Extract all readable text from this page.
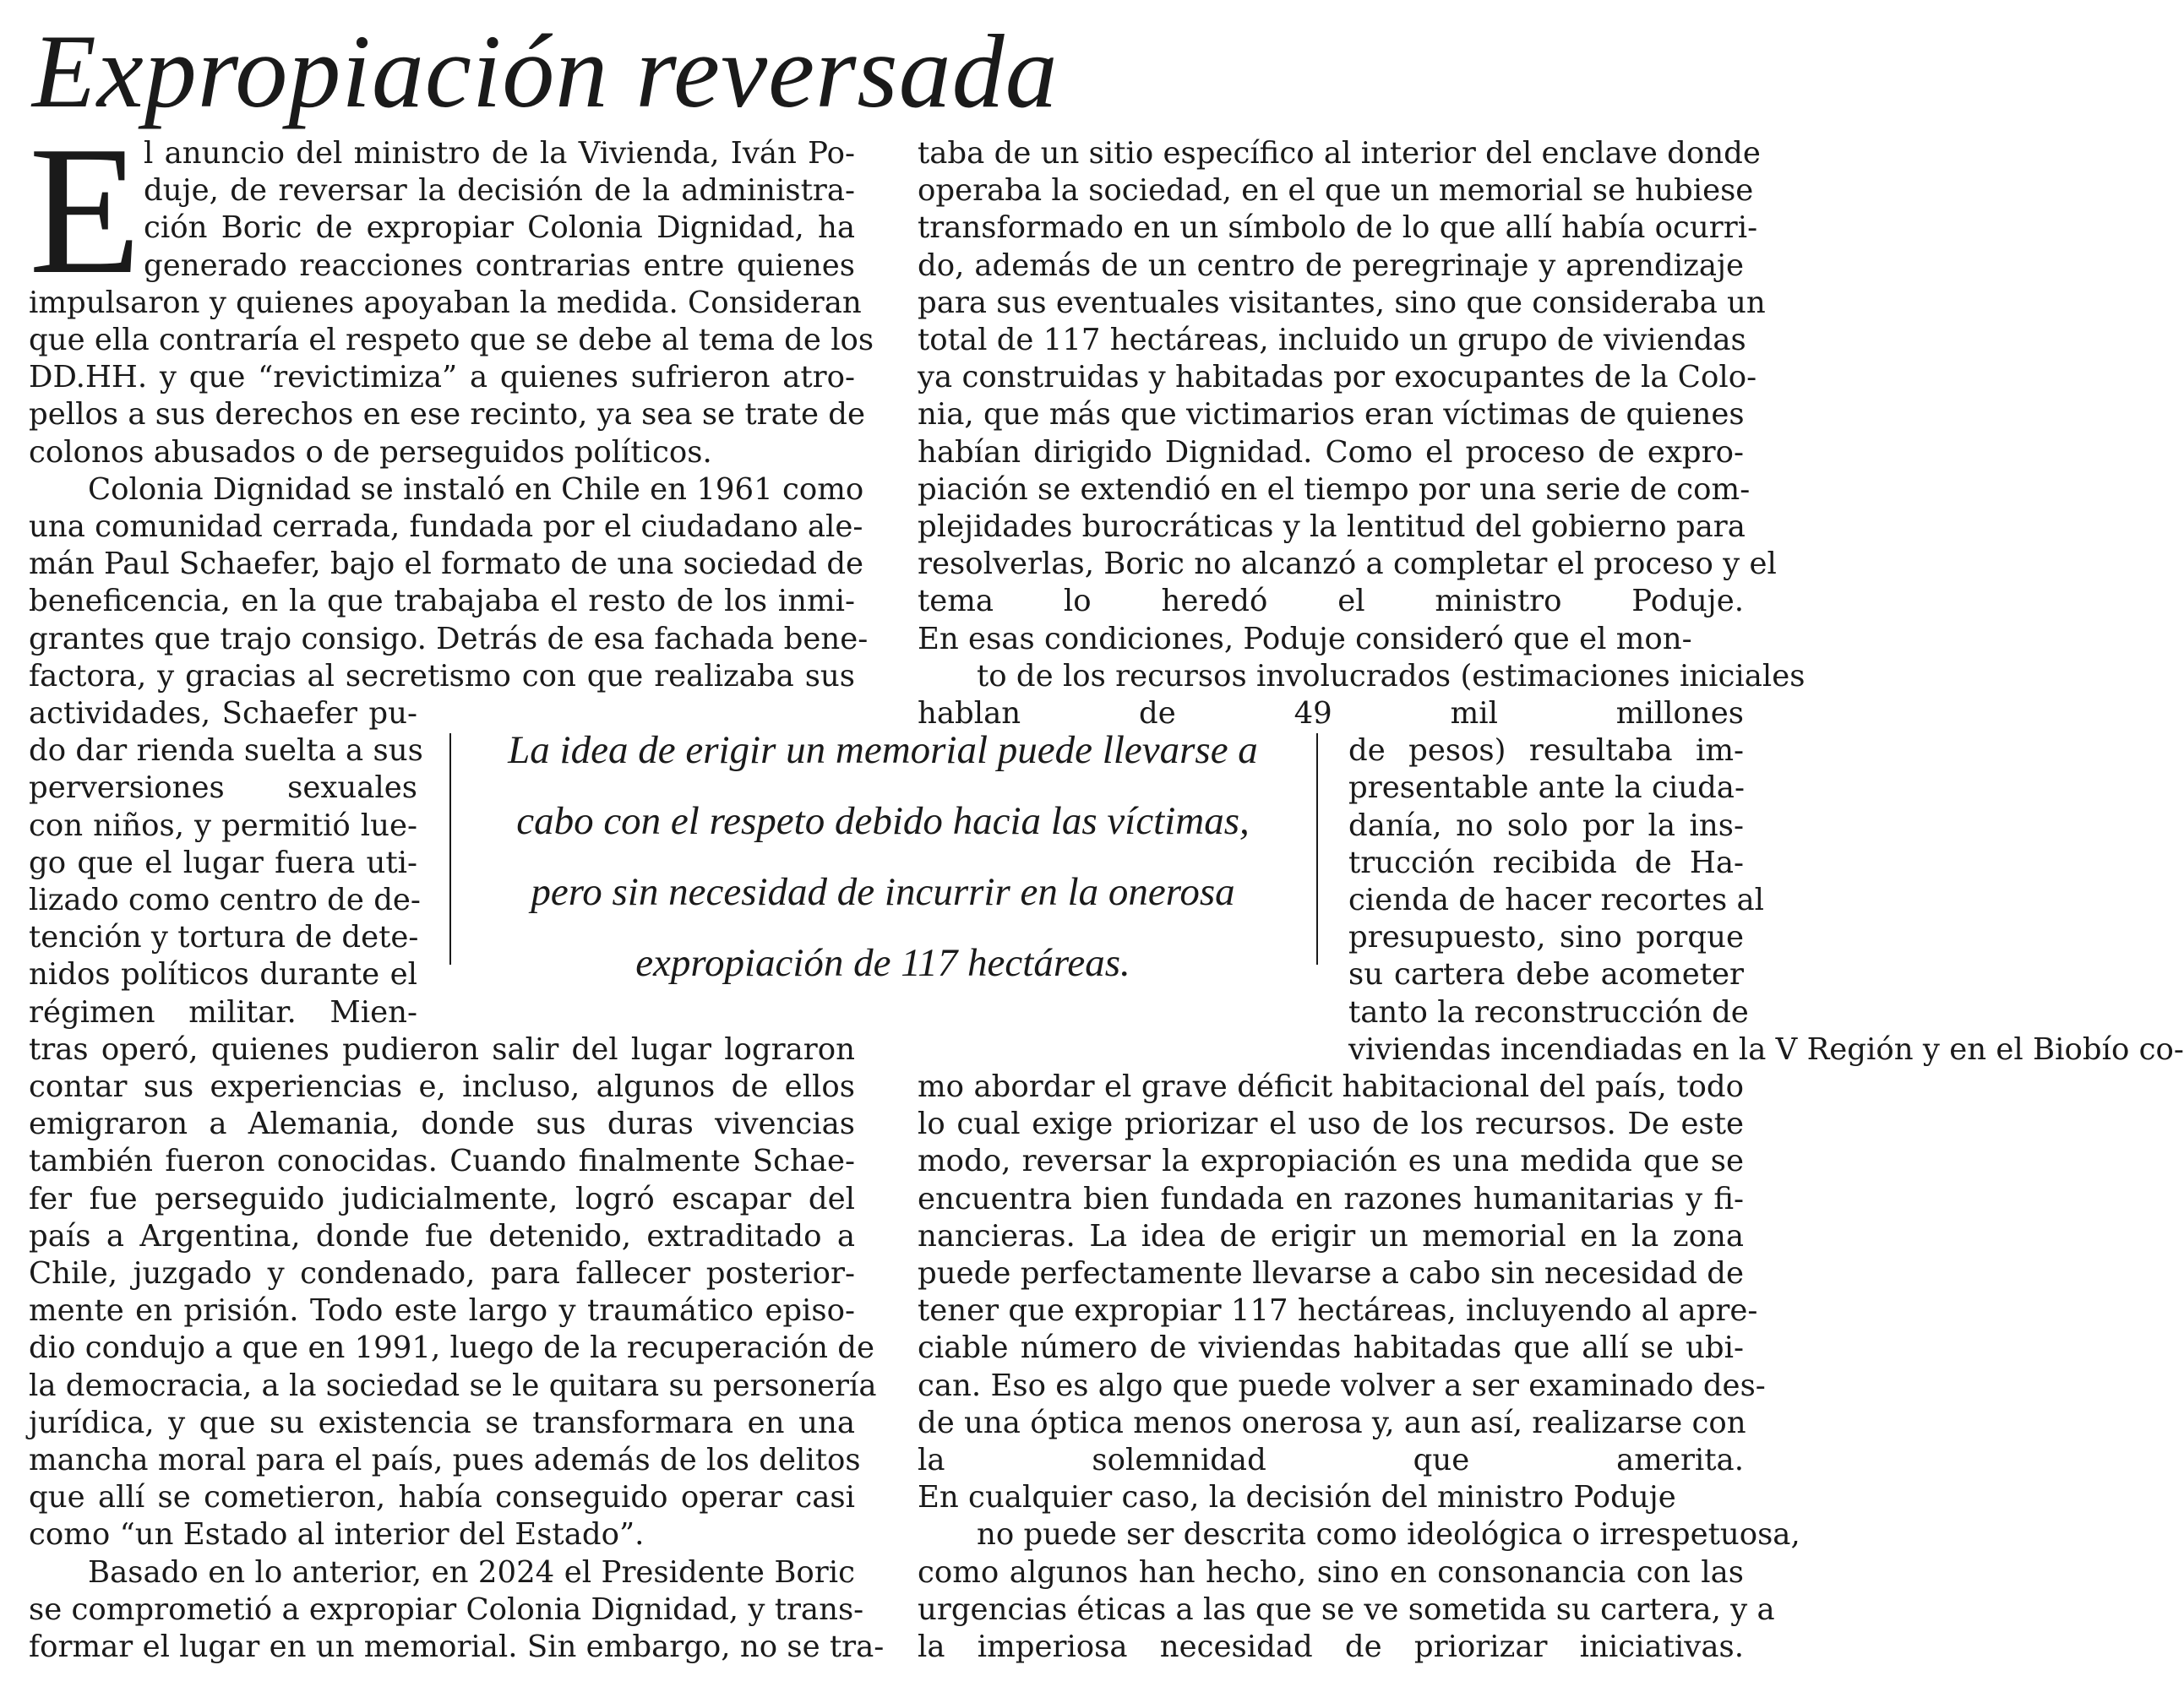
Expropiación reversada
E l anuncio del ministro de la Vivienda, Iván Po-
duje, de reversar la decisión de la administra-
ción Boric de expropiar Colonia Dignidad, ha
generado reacciones contrarias entre quienes
impulsaron y quienes apoyaban la medida. Consideran
que ella contraría el respeto que se debe al tema de los
DD.HH. y que “revictimiza” a quienes sufrieron atro-
pellos a sus derechos en ese recinto, ya sea se trate de
colonos abusados o de perseguidos políticos.
Colonia Dignidad se instaló en Chile en 1961 como
una comunidad cerrada, fundada por el ciudadano ale-
mán Paul Schaefer, bajo el formato de una sociedad de
beneficencia, en la que trabajaba el resto de los inmi-
grantes que trajo consigo. Detrás de esa fachada bene-
factora, y gracias al secretismo con que realizaba sus
actividades, Schaefer pu-
do dar rienda suelta a sus
perversiones sexuales
con niños, y permitió lue-
go que el lugar fuera uti-
lizado como centro de de-
tención y tortura de dete-
nidos políticos durante el
régimen militar. Mien-
tras operó, quienes pudieron salir del lugar lograron
contar sus experiencias e, incluso, algunos de ellos
emigraron a Alemania, donde sus duras vivencias
también fueron conocidas. Cuando finalmente Schae-
fer fue perseguido judicialmente, logró escapar del
país a Argentina, donde fue detenido, extraditado a
Chile, juzgado y condenado, para fallecer posterior-
mente en prisión. Todo este largo y traumático episo-
dio condujo a que en 1991, luego de la recuperación de
la democracia, a la sociedad se le quitara su personería
jurídica, y que su existencia se transformara en una
mancha moral para el país, pues además de los delitos
que allí se cometieron, había conseguido operar casi
como “un Estado al interior del Estado”.
Basado en lo anterior, en 2024 el Presidente Boric
se comprometió a expropiar Colonia Dignidad, y trans-
formar el lugar en un memorial. Sin embargo, no se tra-
taba de un sitio específico al interior del enclave donde
operaba la sociedad, en el que un memorial se hubiese
transformado en un símbolo de lo que allí había ocurri-
do, además de un centro de peregrinaje y aprendizaje
para sus eventuales visitantes, sino que consideraba un
total de 117 hectáreas, incluido un grupo de viviendas
ya construidas y habitadas por exocupantes de la Colo-
nia, que más que victimarios eran víctimas de quienes
habían dirigido Dignidad. Como el proceso de expro-
piación se extendió en el tiempo por una serie de com-
plejidades burocráticas y la lentitud del gobierno para
resolverlas, Boric no alcanzó a completar el proceso y el
tema lo heredó el ministro Poduje.
En esas condiciones, Poduje consideró que el mon-
to de los recursos involucrados (estimaciones iniciales
hablan de 49 mil millones
de pesos) resultaba im-
presentable ante la ciuda-
danía, no solo por la ins-
trucción recibida de Ha-
cienda de hacer recortes al
presupuesto, sino porque
su cartera debe acometer
tanto la reconstrucción de
viviendas incendiadas en la V Región y en el Biobío co-
mo abordar el grave déficit habitacional del país, todo
lo cual exige priorizar el uso de los recursos. De este
modo, reversar la expropiación es una medida que se
encuentra bien fundada en razones humanitarias y fi-
nancieras. La idea de erigir un memorial en la zona
puede perfectamente llevarse a cabo sin necesidad de
tener que expropiar 117 hectáreas, incluyendo al apre-
ciable número de viviendas habitadas que allí se ubi-
can. Eso es algo que puede volver a ser examinado des-
de una óptica menos onerosa y, aun así, realizarse con
la solemnidad que amerita.
En cualquier caso, la decisión del ministro Poduje
no puede ser descrita como ideológica o irrespetuosa,
como algunos han hecho, sino en consonancia con las
urgencias éticas a las que se ve sometida su cartera, y a
la imperiosa necesidad de priorizar iniciativas.
La idea de erigir un memorial puede llevarse a
cabo con el respeto debido hacia las víctimas,
pero sin necesidad de incurrir en la onerosa
expropiación de 117 hectáreas.
